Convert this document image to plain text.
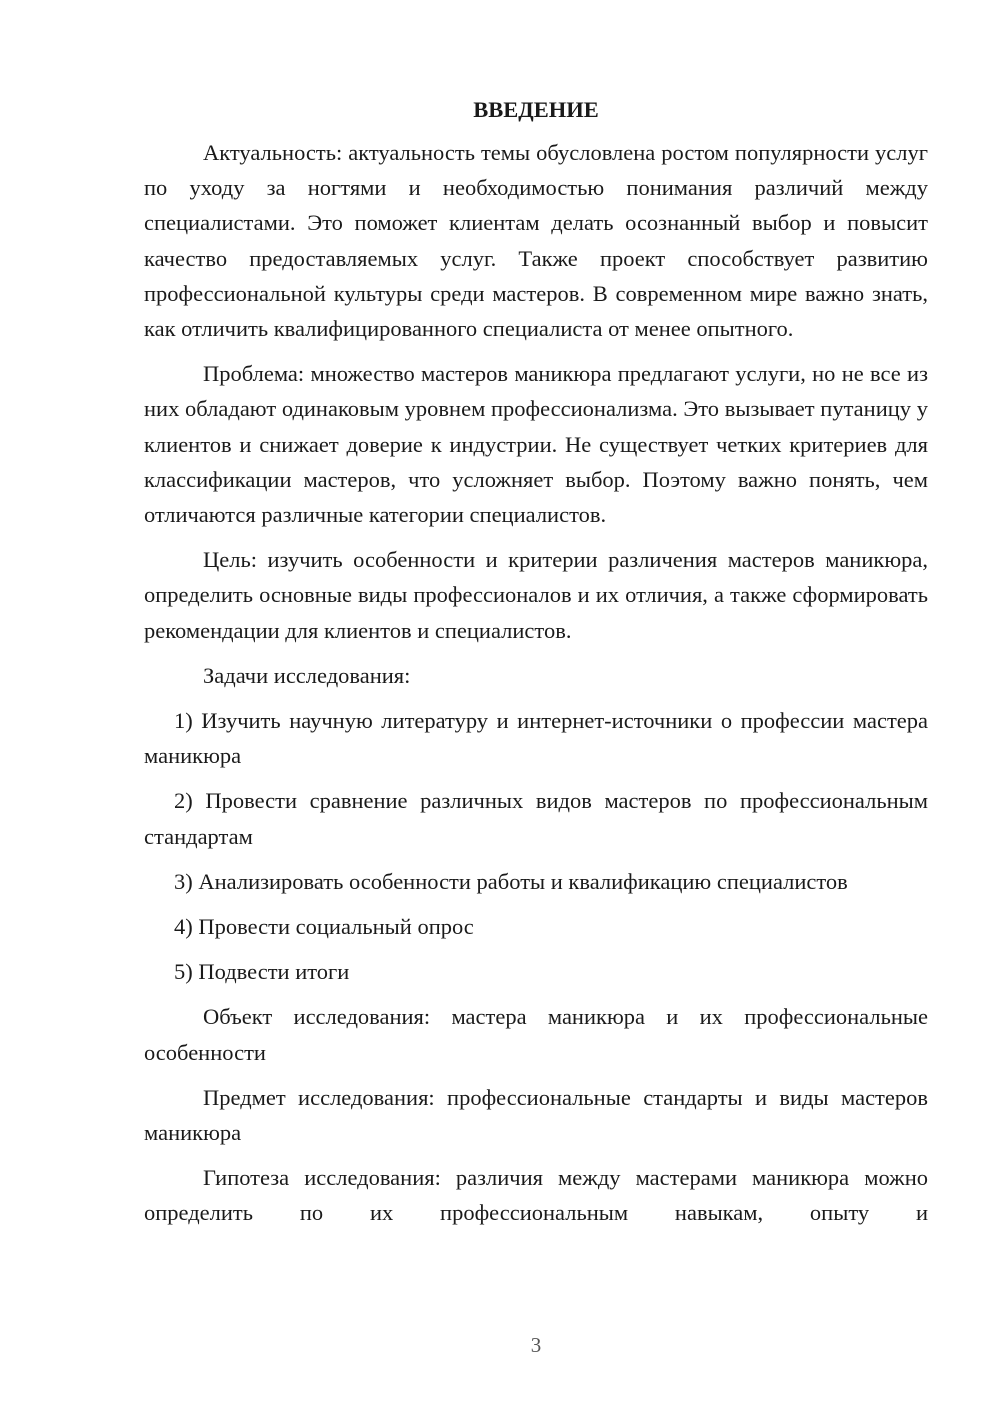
ВВЕДЕНИЕ

Актуальность: актуальность темы обусловлена ростом популярности услуг по уходу за ногтями и необходимостью понимания различий между специалистами. Это поможет клиентам делать осознанный выбор и повысит качество предоставляемых услуг. Также проект способствует развитию профессиональной культуры среди мастеров. В современном мире важно знать, как отличить квалифицированного специалиста от менее опытного.

Проблема: множество мастеров маникюра предлагают услуги, но не все из них обладают одинаковым уровнем профессионализма. Это вызывает путаницу у клиентов и снижает доверие к индустрии. Не существует четких критериев для классификации мастеров, что усложняет выбор. Поэтому важно понять, чем отличаются различные категории специалистов.

Цель: изучить особенности и критерии различения мастеров маникюра, определить основные виды профессионалов и их отличия, а также сформировать рекомендации для клиентов и специалистов.

Задачи исследования:

1) Изучить научную литературу и интернет-источники о профессии мастера маникюра

2) Провести сравнение различных видов мастеров по профессиональным стандартам

3) Анализировать особенности работы и квалификацию специалистов

4) Провести социальный опрос

5) Подвести итоги

Объект исследования: мастера маникюра и их профессиональные особенности

Предмет исследования: профессиональные стандарты и виды мастеров маникюра

Гипотеза исследования: различия между мастерами маникюра можно определить по их профессиональным навыкам, опыту и

3
